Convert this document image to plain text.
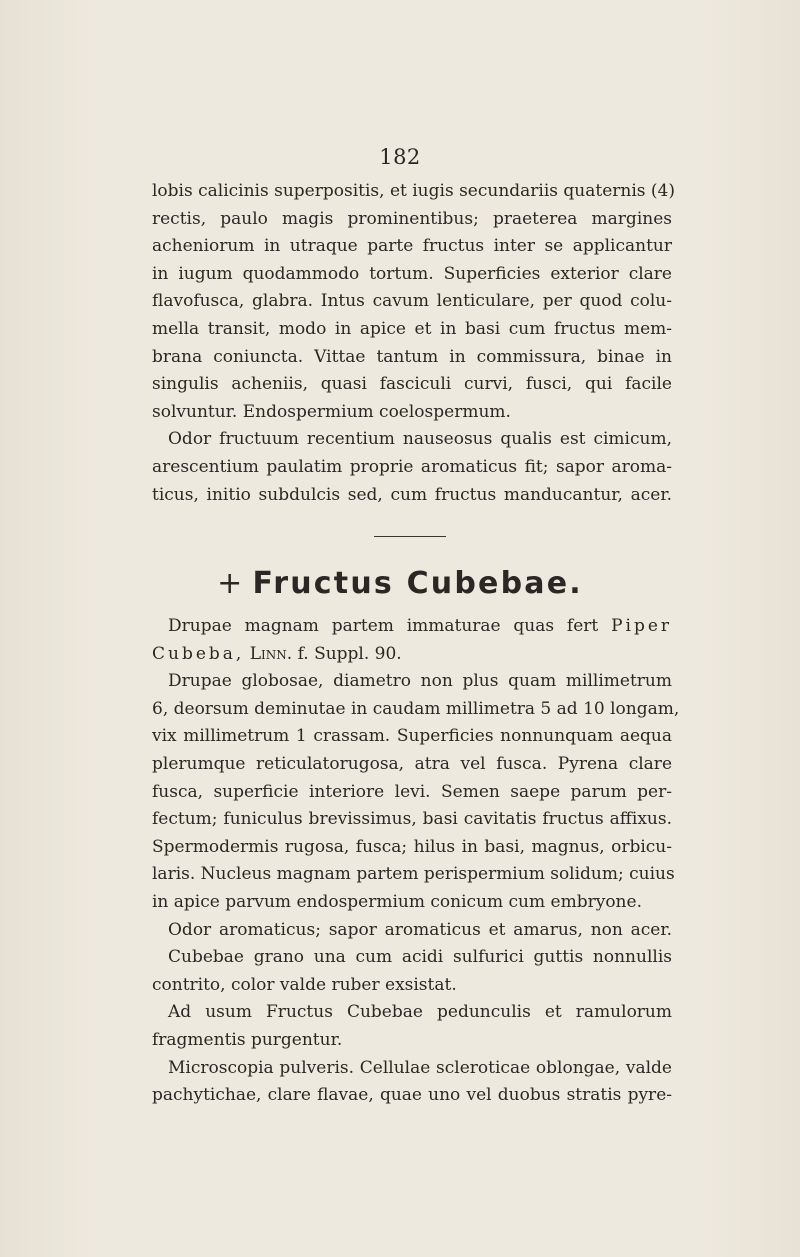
182
lobis calicinis superpositis, et iugis secundariis quaternis (4)
rectis, paulo magis prominentibus; praeterea margines
acheniorum in utraque parte fructus inter se applicantur
in iugum quodammodo tortum. Superficies exterior clare
flavofusca, glabra. Intus cavum lenticulare, per quod colu-
mella transit, modo in apice et in basi cum fructus mem-
brana coniuncta. Vittae tantum in commissura, binae in
singulis acheniis, quasi fasciculi curvi, fusci, qui facile
solvuntur. Endospermium coelospermum.
Odor fructuum recentium nauseosus qualis est cimicum,
arescentium paulatim proprie aromaticus fit; sapor aroma-
ticus, initio subdulcis sed, cum fructus manducantur, acer.
+ Fructus Cubebae.
Drupae magnam partem immaturae quas fert Piper
Cubeba, Linn. f. Suppl. 90.
Drupae globosae, diametro non plus quam millimetrum
6, deorsum deminutae in caudam millimetra 5 ad 10 longam,
vix millimetrum 1 crassam. Superficies nonnunquam aequa
plerumque reticulatorugosa, atra vel fusca. Pyrena clare
fusca, superficie interiore levi. Semen saepe parum per-
fectum; funiculus brevissimus, basi cavitatis fructus affixus.
Spermodermis rugosa, fusca; hilus in basi, magnus, orbicu-
laris. Nucleus magnam partem perispermium solidum; cuius
in apice parvum endospermium conicum cum embryone.
Odor aromaticus; sapor aromaticus et amarus, non acer.
Cubebae grano una cum acidi sulfurici guttis nonnullis
contrito, color valde ruber exsistat.
Ad usum Fructus Cubebae pedunculis et ramulorum
fragmentis purgentur.
Microscopia pulveris. Cellulae scleroticae oblongae, valde
pachytichae, clare flavae, quae uno vel duobus stratis pyre-
